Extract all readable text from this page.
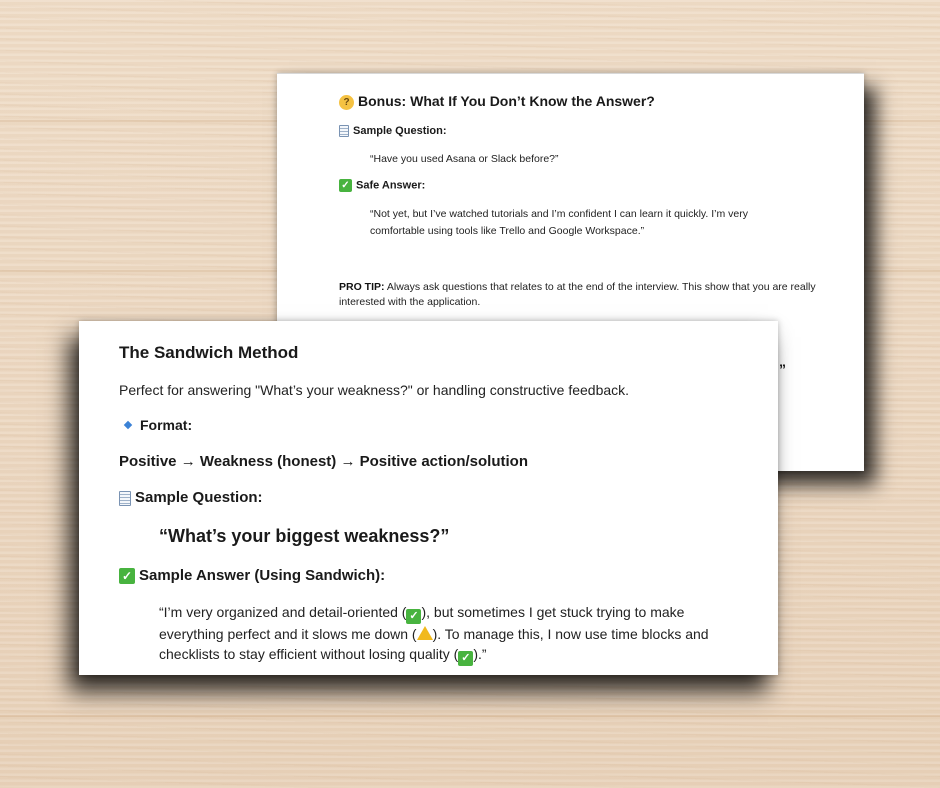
? Bonus: What If You Don’t Know the Answer?
Sample Question:
“Have you used Asana or Slack before?”
✓ Safe Answer:
“Not yet, but I’ve watched tutorials and I’m confident I can learn it quickly. I’m very comfortable using tools like Trello and Google Workspace.”
PRO TIP: Always ask questions that relates to at the end of the interview. This show that you are really interested with the application.
”
The Sandwich Method
Perfect for answering "What’s your weakness?" or handling constructive feedback.
Format:
Positive → Weakness (honest) → Positive action/solution
Sample Question:
“What’s your biggest weakness?”
✓ Sample Answer (Using Sandwich):
“I’m very organized and detail-oriented ( ✓ ), but sometimes I get stuck trying to make everything perfect and it slows me down ( ). To manage this, I now use time blocks and checklists to stay efficient without losing quality ( ✓ ).”
